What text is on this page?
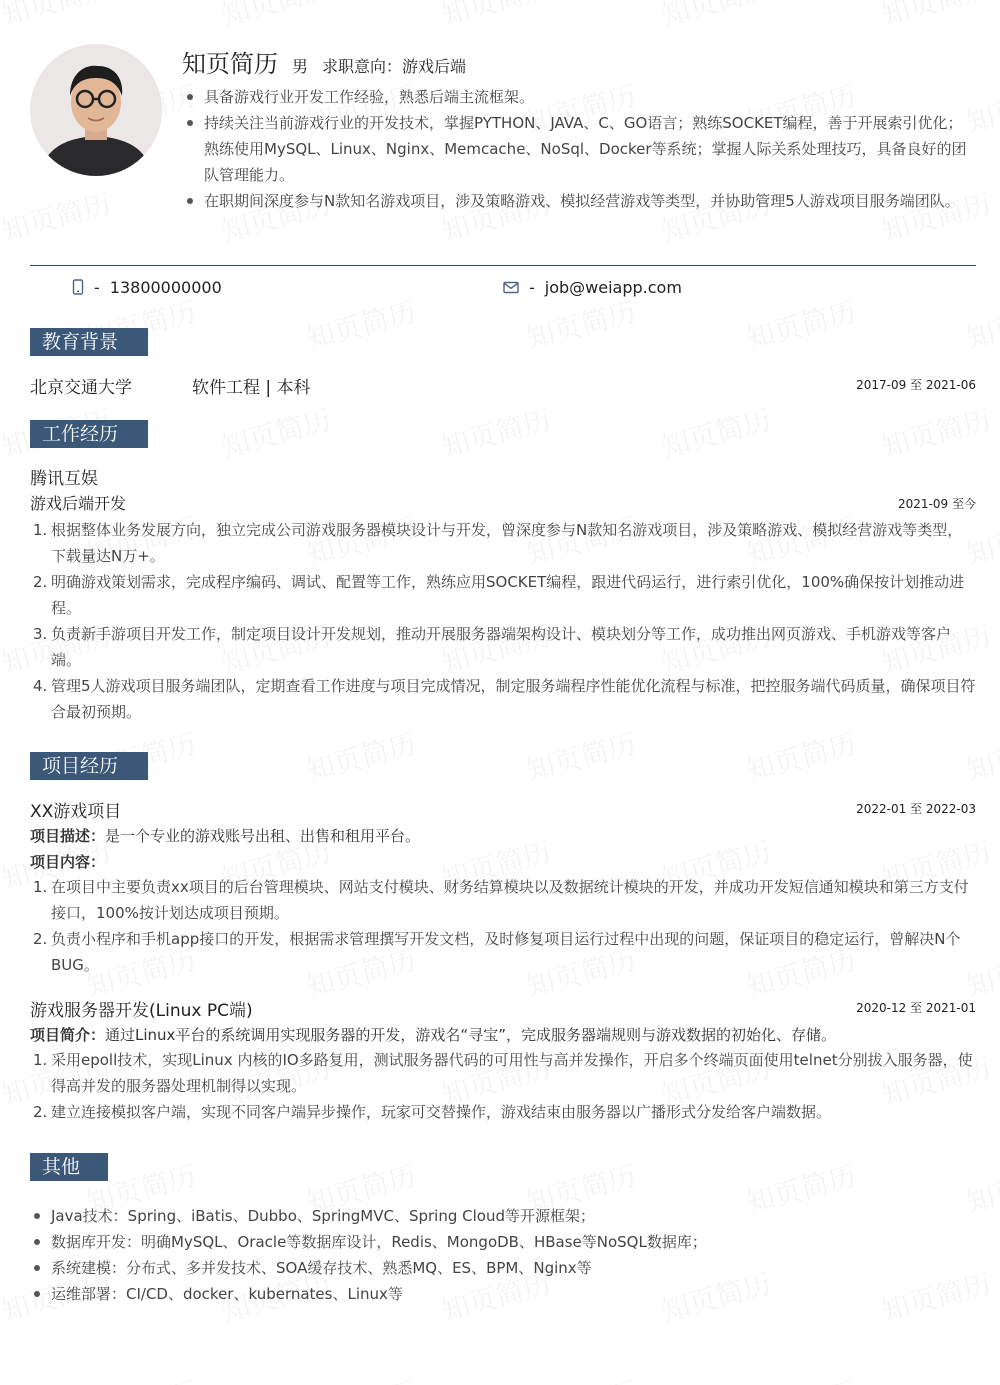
知页简历 男 求职意向：游戏后端
具备游戏行业开发工作经验，熟悉后端主流框架。
持续关注当前游戏行业的开发技术，掌握PYTHON、JAVA、C、GO语言；熟练SOCKET编程，善于开展索引优化；熟练使用MySQL、Linux、Nginx、Memcache、NoSql、Docker等系统；掌握人际关系处理技巧，具备良好的团队管理能力。
在职期间深度参与N款知名游戏项目，涉及策略游戏、模拟经营游戏等类型，并协助管理5人游戏项目服务端团队。
- 13800000000	- job@weiapp.com
教育背景
北京交通大学	软件工程 | 本科	2017-09 至 2021-06
工作经历
腾讯互娱
游戏后端开发	2021-09 至今
1. 根据整体业务发展方向，独立完成公司游戏服务器模块设计与开发，曾深度参与N款知名游戏项目，涉及策略游戏、模拟经营游戏等类型，下载量达N万+。
2. 明确游戏策划需求，完成程序编码、调试、配置等工作，熟练应用SOCKET编程，跟进代码运行，进行索引优化，100%确保按计划推动进程。
3. 负责新手游项目开发工作，制定项目设计开发规划，推动开展服务器端架构设计、模块划分等工作，成功推出网页游戏、手机游戏等客户端。
4. 管理5人游戏项目服务端团队，定期查看工作进度与项目完成情况，制定服务端程序性能优化流程与标准，把控服务端代码质量，确保项目符合最初预期。
项目经历
XX游戏项目	2022-01 至 2022-03
项目描述：是一个专业的游戏账号出租、出售和租用平台。
项目内容：
1. 在项目中主要负责xx项目的后台管理模块、网站支付模块、财务结算模块以及数据统计模块的开发，并成功开发短信通知模块和第三方支付接口，100%按计划达成项目预期。
2. 负责小程序和手机app接口的开发，根据需求管理撰写开发文档，及时修复项目运行过程中出现的问题，保证项目的稳定运行，曾解决N个BUG。
游戏服务器开发(Linux PC端)	2020-12 至 2021-01
项目简介：通过Linux平台的系统调用实现服务器的开发，游戏名“寻宝”，完成服务器端规则与游戏数据的初始化、存储。
1. 采用epoll技术，实现Linux 内核的IO多路复用，测试服务器代码的可用性与高并发操作，开启多个终端页面使用telnet分别拔入服务器，使得高并发的服务器处理机制得以实现。
2. 建立连接模拟客户端，实现不同客户端异步操作，玩家可交替操作，游戏结束由服务器以广播形式分发给客户端数据。
其他
Java技术：Spring、iBatis、Dubbo、SpringMVC、Spring Cloud等开源框架；
数据库开发：明确MySQL、Oracle等数据库设计，Redis、MongoDB、HBase等NoSQL数据库；
系统建模：分布式、多并发技术、SOA缓存技术、熟悉MQ、ES、BPM、Nginx等
运维部署：CI/CD、docker、kubernates、Linux等
